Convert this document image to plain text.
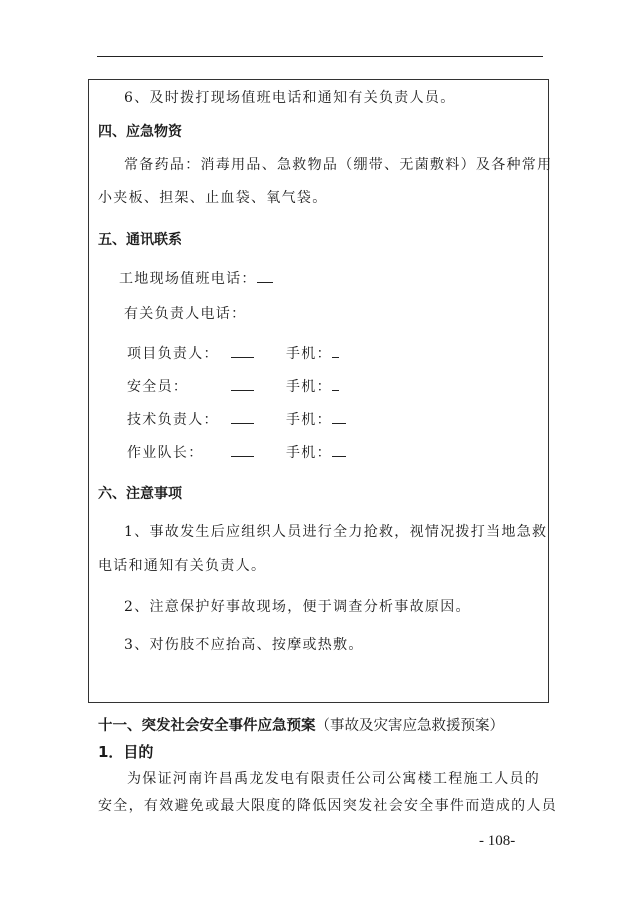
6、及时拨打现场值班电话和通知有关负责人员。
四、应急物资
常备药品：消毒用品、急救物品（绷带、无菌敷料）及各种常用
小夹板、担架、止血袋、氧气袋。
五、通讯联系
工地现场值班电话：
有关负责人电话：
项目负责人：	手机：
安全员：	手机：
技术负责人：	手机：
作业队长：	手机：
六、注意事项
1、事故发生后应组织人员进行全力抢救，视情况拨打当地急救
电话和通知有关负责人。
2、注意保护好事故现场，便于调查分析事故原因。
3、对伤肢不应抬高、按摩或热敷。
十一、突发社会安全事件应急预案（事故及灾害应急救援预案）
1．目的
为保证河南许昌禹龙发电有限责任公司公寓楼工程施工人员的
安全，有效避免或最大限度的降低因突发社会安全事件而造成的人员
- 108-
